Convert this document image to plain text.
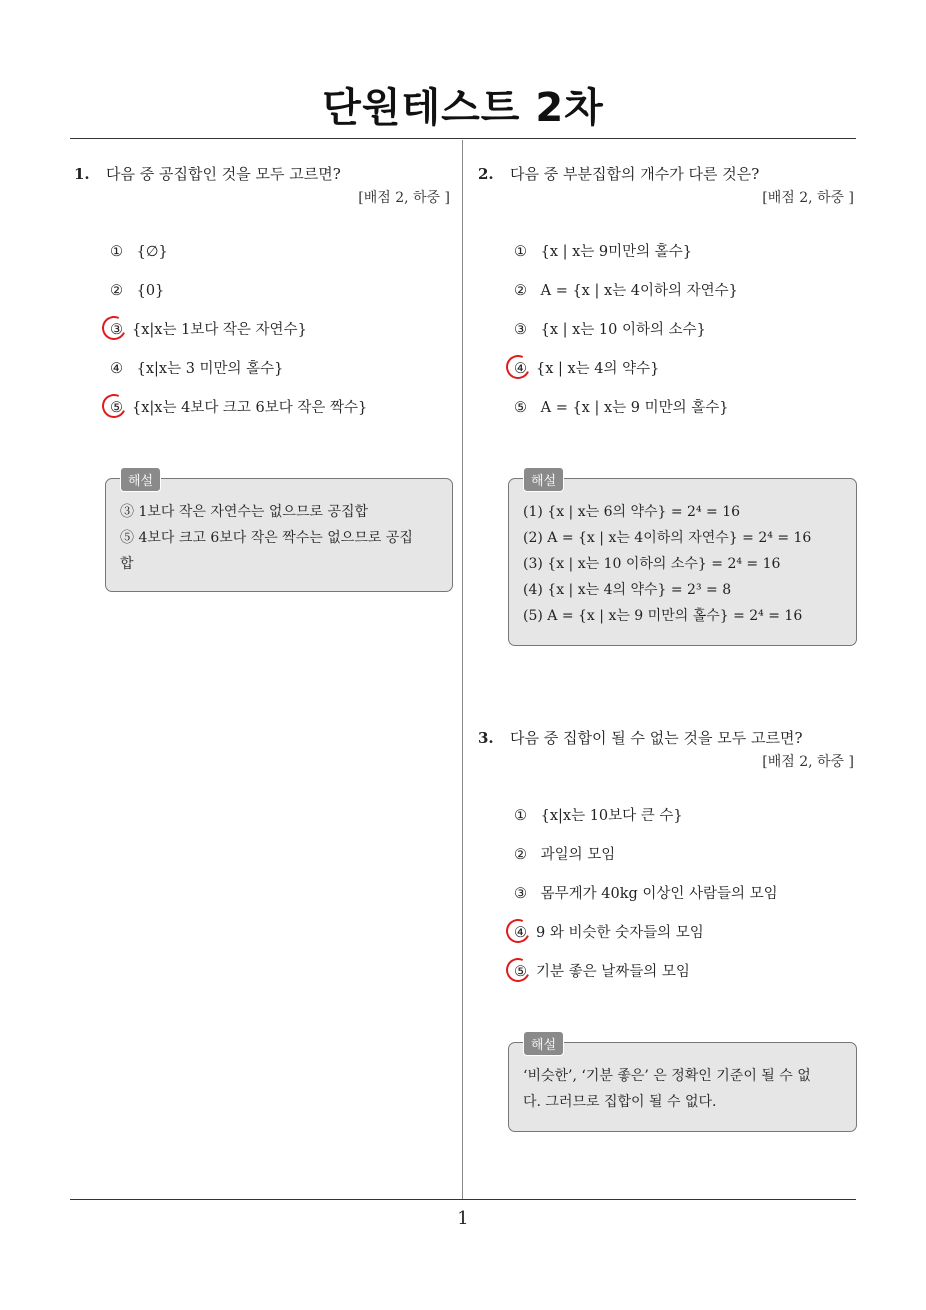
단원테스트 2차
1. 다음 중 공집합인 것을 모두 고르면?
[배점 2, 하중 ]
① {∅}
② {0}
③ {x|x는 1보다 작은 자연수}
④ {x|x는 3 미만의 홀수}
⑤ {x|x는 4보다 크고 6보다 작은 짝수}
해설
③ 1보다 작은 자연수는 없으므로 공집합
⑤ 4보다 크고 6보다 작은 짝수는 없으므로 공집
합
2. 다음 중 부분집합의 개수가 다른 것은?
[배점 2, 하중 ]
① {x | x는 9미만의 홀수}
② A = {x | x는 4이하의 자연수}
③ {x | x는 10 이하의 소수}
④ {x | x는 4의 약수}
⑤ A = {x | x는 9 미만의 홀수}
해설
(1) {x | x는 6의 약수} = 2⁴ = 16
(2) A = {x | x는 4이하의 자연수} = 2⁴ = 16
(3) {x | x는 10 이하의 소수} = 2⁴ = 16
(4) {x | x는 4의 약수} = 2³ = 8
(5) A = {x | x는 9 미만의 홀수} = 2⁴ = 16
3. 다음 중 집합이 될 수 없는 것을 모두 고르면?
[배점 2, 하중 ]
① {x|x는 10보다 큰 수}
② 과일의 모임
③ 몸무게가 40kg 이상인 사람들의 모임
④ 9 와 비슷한 숫자들의 모임
⑤ 기분 좋은 날짜들의 모임
해설
‘비슷한’, ‘기분 좋은’ 은 정확인 기준이 될 수 없
다. 그러므로 집합이 될 수 없다.
1
